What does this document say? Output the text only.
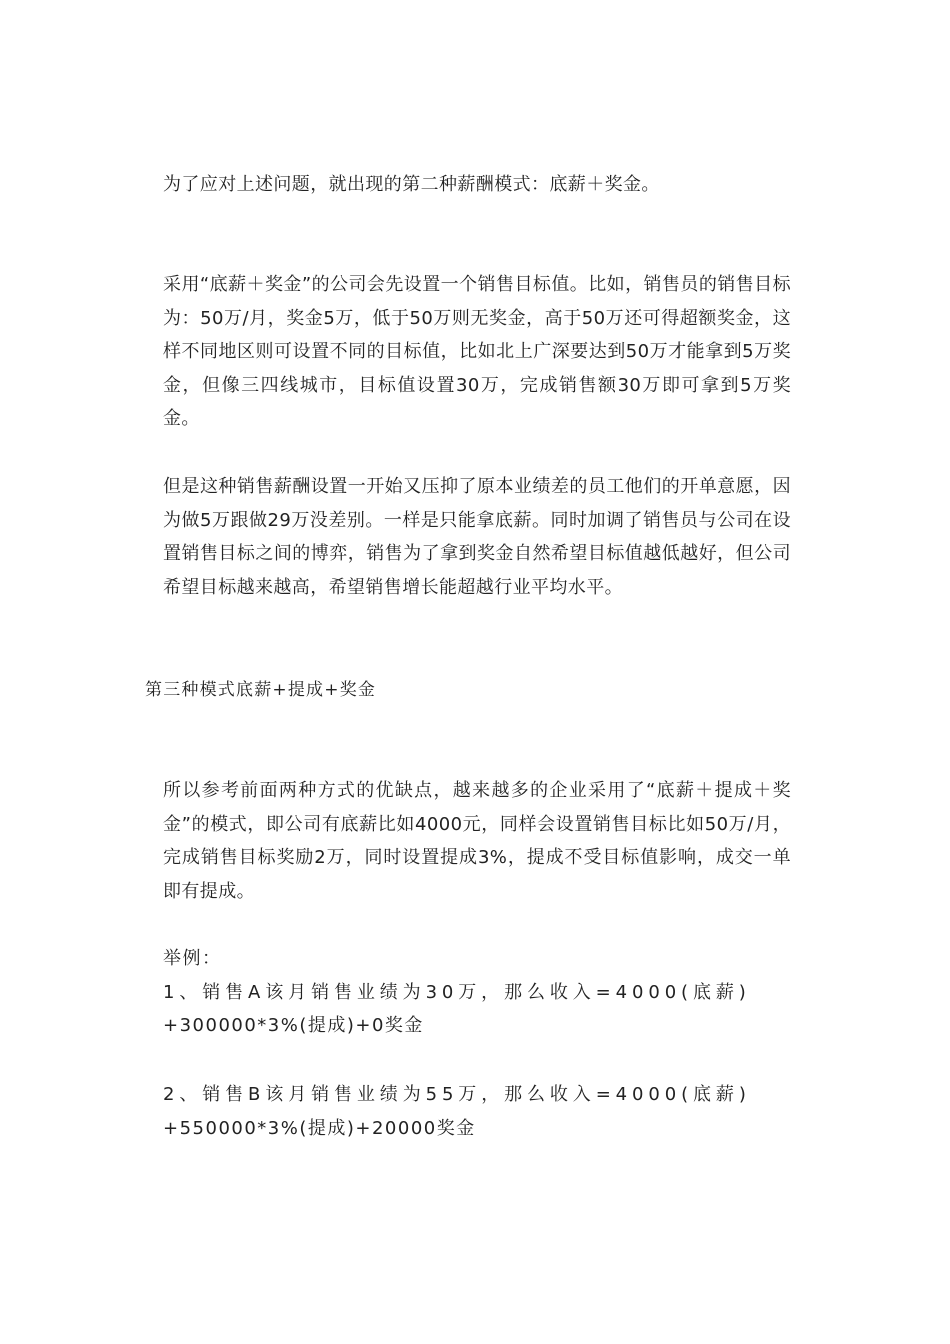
为了应对上述问题，就出现的第二种薪酬模式：底薪＋奖金。

采用“底薪＋奖金”的公司会先设置一个销售目标值。比如，销售员的销售目标为：50万/月，奖金5万，低于50万则无奖金，高于50万还可得超额奖金，这样不同地区则可设置不同的目标值，比如北上广深要达到50万才能拿到5万奖金，但像三四线城市，目标值设置30万，完成销售额30万即可拿到5万奖金。

但是这种销售薪酬设置一开始又压抑了原本业绩差的员工他们的开单意愿，因为做5万跟做29万没差别。一样是只能拿底薪。同时加调了销售员与公司在设置销售目标之间的博弈，销售为了拿到奖金自然希望目标值越低越好，但公司希望目标越来越高，希望销售增长能超越行业平均水平。

第三种模式底薪+提成+奖金

所以参考前面两种方式的优缺点，越来越多的企业采用了“底薪＋提成＋奖金”的模式，即公司有底薪比如4000元，同样会设置销售目标比如50万/月，完成销售目标奖励2万，同时设置提成3%，提成不受目标值影响，成交一单即有提成。

举例：
1、销售A该月销售业绩为30万，那么收入=4000(底薪)
+300000*3%(提成)+0奖金
2、销售B该月销售业绩为55万，那么收入=4000(底薪)
+550000*3%(提成)+20000奖金
